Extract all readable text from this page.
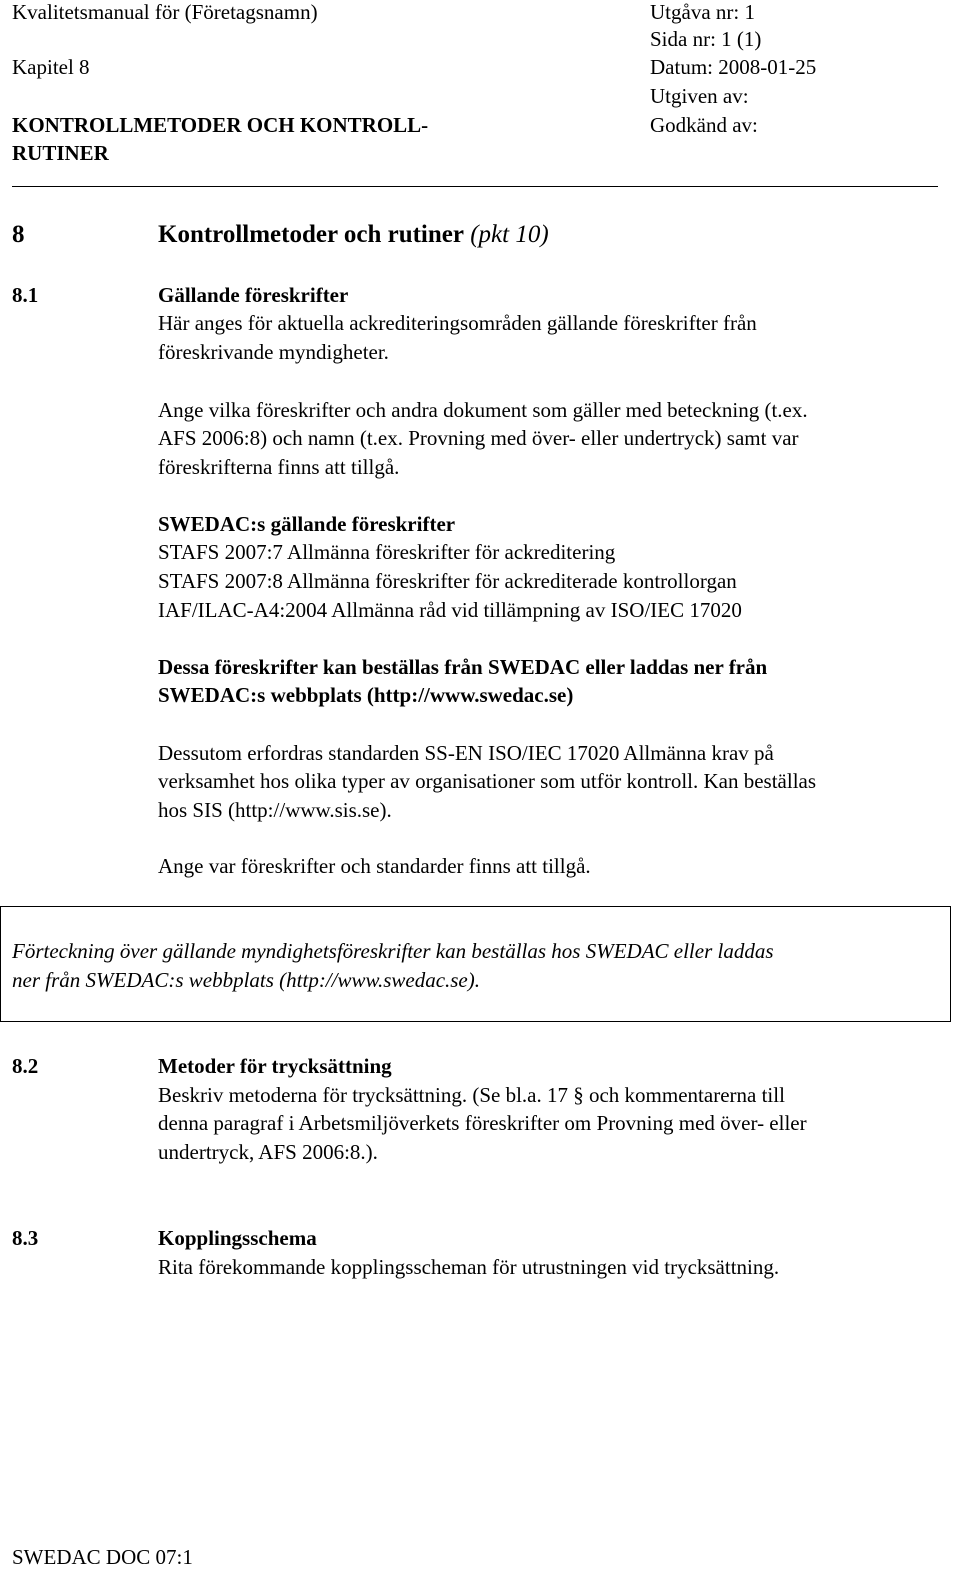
Kvalitetsmanual för (Företagsnamn)	Utgåva nr: 1
Sida nr: 1 (1)
Kapitel 8	Datum: 2008-01-25
Utgiven av:
KONTROLLMETODER OCH KONTROLL-	Godkänd av:
RUTINER
8	Kontrollmetoder och rutiner (pkt 10)
8.1	Gällande föreskrifter
Här anges för aktuella ackrediteringsområden gällande föreskrifter från
föreskrivande myndigheter.
Ange vilka föreskrifter och andra dokument som gäller med beteckning (t.ex.
AFS 2006:8) och namn (t.ex. Provning med över- eller undertryck) samt var
föreskrifterna finns att tillgå.
SWEDAC:s gällande föreskrifter
STAFS 2007:7 Allmänna föreskrifter för ackreditering
STAFS 2007:8 Allmänna föreskrifter för ackrediterade kontrollorgan
IAF/ILAC-A4:2004 Allmänna råd vid tillämpning av ISO/IEC 17020
Dessa föreskrifter kan beställas från SWEDAC eller laddas ner från
SWEDAC:s webbplats (http://www.swedac.se)
Dessutom erfordras standarden SS-EN ISO/IEC 17020 Allmänna krav på
verksamhet hos olika typer av organisationer som utför kontroll. Kan beställas
hos SIS (http://www.sis.se).
Ange var föreskrifter och standarder finns att tillgå.
Förteckning över gällande myndighetsföreskrifter kan beställas hos SWEDAC eller laddas
ner från SWEDAC:s webbplats (http://www.swedac.se).
8.2	Metoder för trycksättning
Beskriv metoderna för trycksättning. (Se bl.a. 17 § och kommentarerna till
denna paragraf i Arbetsmiljöverkets föreskrifter om Provning med över- eller
undertryck, AFS 2006:8.).
8.3	Kopplingsschema
Rita förekommande kopplingsscheman för utrustningen vid trycksättning.
SWEDAC DOC 07:1
